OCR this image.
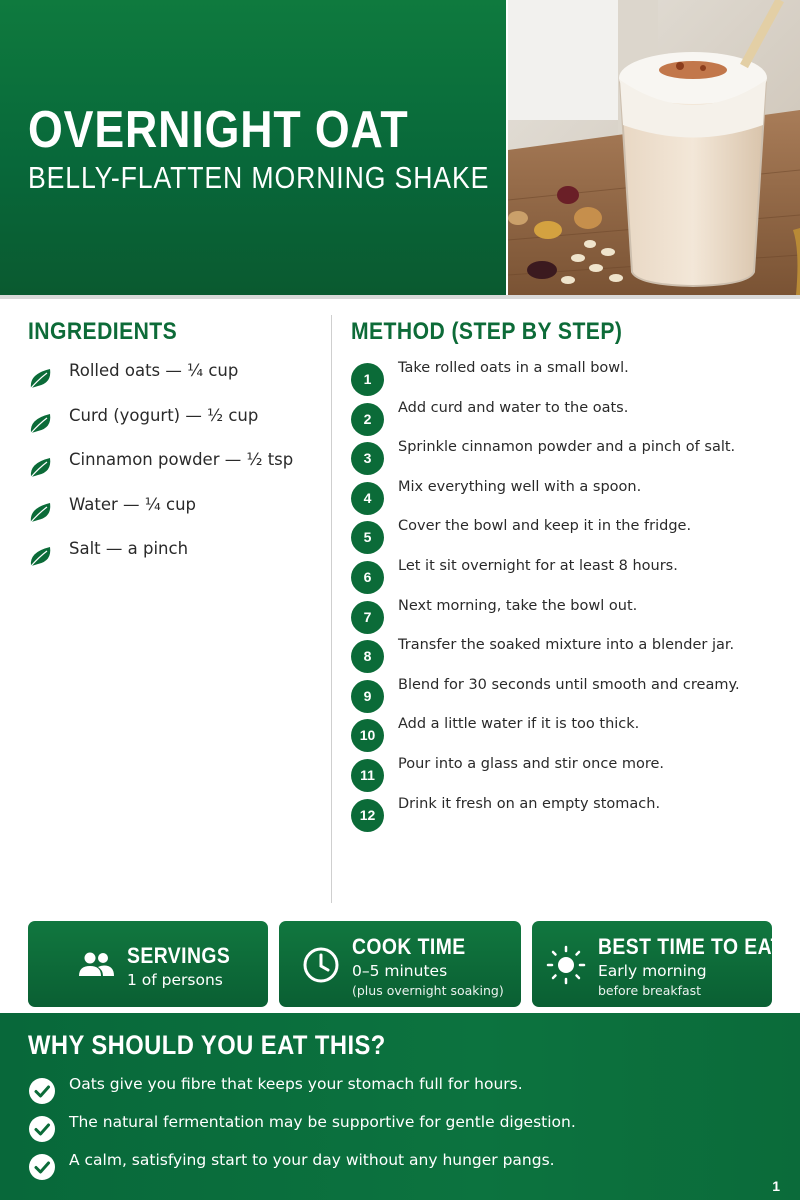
OVERNIGHT OAT
BELLY-FLATTEN MORNING SHAKE
INGREDIENTS
Rolled oats — ¼ cup
Curd (yogurt) — ½ cup
Cinnamon powder — ½ tsp
Water — ¼ cup
Salt — a pinch
METHOD (STEP BY STEP)
1
Take rolled oats in a small bowl.
2
Add curd and water to the oats.
3
Sprinkle cinnamon powder and a pinch of salt.
4
Mix everything well with a spoon.
5
Cover the bowl and keep it in the fridge.
6
Let it sit overnight for at least 8 hours.
7
Next morning, take the bowl out.
8
Transfer the soaked mixture into a blender jar.
9
Blend for 30 seconds until smooth and creamy.
10
Add a little water if it is too thick.
11
Pour into a glass and stir once more.
12
Drink it fresh on an empty stomach.
SERVINGS
1 of persons
COOK TIME
0–5 minutes
(plus overnight soaking)
BEST TIME TO EAT
Early morning
before breakfast
WHY SHOULD YOU EAT THIS?
Oats give you fibre that keeps your stomach full for hours.
The natural fermentation may be supportive for gentle digestion.
A calm, satisfying start to your day without any hunger pangs.
1
